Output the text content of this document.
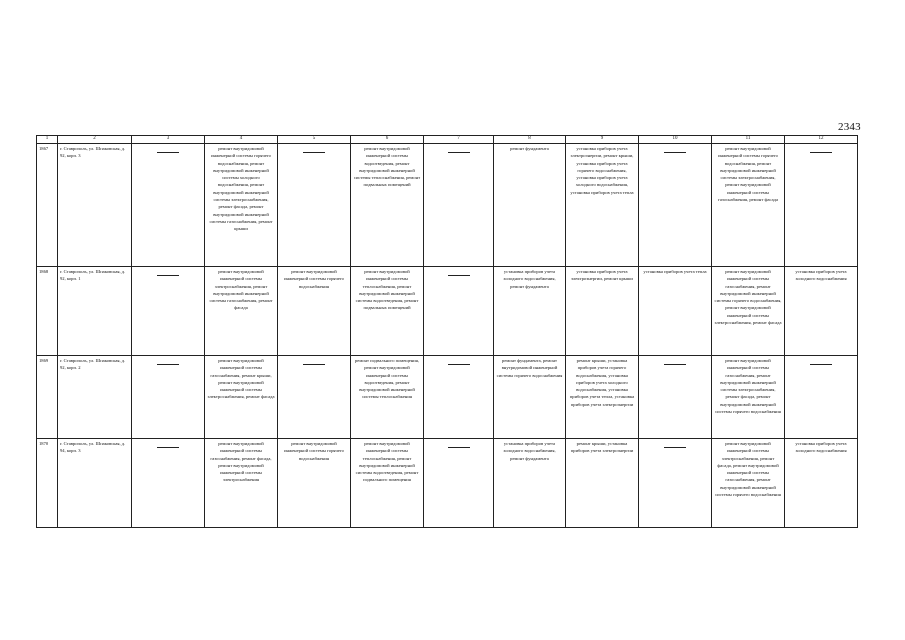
2343
1	2	3	4	5	6	7	8	9	10	11	12
1867	г. Ставрополь, ул. Шпаковская, д. 92, корп. 3		ремонт внутридомовой инженерной системы горячего водоснабжения, ремонт внутридомовой инженерной системы холодного водоснабжения, ремонт внутридомовой инженерной системы электроснабжения, ремонт фасада, ремонт внутридомовой инженерной системы газоснабжения, ремонт крыши		ремонт внутридомовой инженерной системы водоотведения, ремонт внутридомовой инженерной системы теплоснабжения, ремонт подвальных помещений		ремонт фундамента	установка приборов учета электроэнергии, ремонт крыши, установка приборов учета горячего водоснабжения, установка приборов учета холодного водоснабжения, установка приборов учета тепла		ремонт внутридомовой инженерной системы горячего водоснабжения, ремонт внутридомовой инженерной системы электроснабжения, ремонт внутридомовой инженерной системы газоснабжения, ремонт фасада	

1868	г. Ставрополь, ул. Шпаковская, д. 92, корп. 1		ремонт внутридомовой инженерной системы электроснабжения, ремонт внутридомовой инженерной системы газоснабжения, ремонт фасада	ремонт внутридомовой инженерной системы горячего водоснабжения	ремонт внутридомовой инженерной системы теплоснабжения, ремонт внутридомовой инженерной системы водоотведения, ремонт подвальных помещений		установка приборов учета холодного водоснабжения, ремонт фундамента	установка приборов учета электроэнергии, ремонт крыши	установка приборов учета тепла	ремонт внутридомовой инженерной системы газоснабжения, ремонт внутридомовой инженерной системы горячего водоснабжения, ремонт внутридомовой инженерной системы электроснабжения, ремонт фасада	установка приборов учета холодного водоснабжения
1869	г. Ставрополь, ул. Шпаковская, д. 92, корп. 2		ремонт внутридомовой инженерной системы газоснабжения, ремонт крыши, ремонт внутридомовой инженерной системы электроснабжения, ремонт фасада		ремонт подвального помещения, ремонт внутридомовой инженерной системы водоотведения, ремонт внутридомовой инженерной системы теплоснабжения		ремонт фундамента, ремонт внутридомовой инженерной системы горячего водоснабжения	ремонт крыши, установка приборов учета горячего водоснабжения, установка приборов учета холодного водоснабжения, установка приборов учета тепла, установка приборов учета электроэнергии		ремонт внутридомовой инженерной системы газоснабжения, ремонт внутридомовой инженерной системы электроснабжения, ремонт фасада, ремонт внутридомовой инженерной системы горячего водоснабжения	

1870	г. Ставрополь, ул. Шпаковская, д. 94, корп. 3		ремонт внутридомовой инженерной системы газоснабжения, ремонт фасада, ремонт внутридомовой инженерной системы электроснабжения	ремонт внутридомовой инженерной системы горячего водоснабжения	ремонт внутридомовой инженерной системы теплоснабжения, ремонт внутридомовой инженерной системы водоотведения, ремонт подвального помещения		установка приборов учета холодного водоснабжения, ремонт фундамента	ремонт крыши, установка приборов учета электроэнергии		ремонт внутридомовой инженерной системы электроснабжения, ремонт фасада, ремонт внутридомовой инженерной системы газоснабжения, ремонт внутридомовой инженерной системы горячего водоснабжения	установка приборов учета холодного водоснабжения
